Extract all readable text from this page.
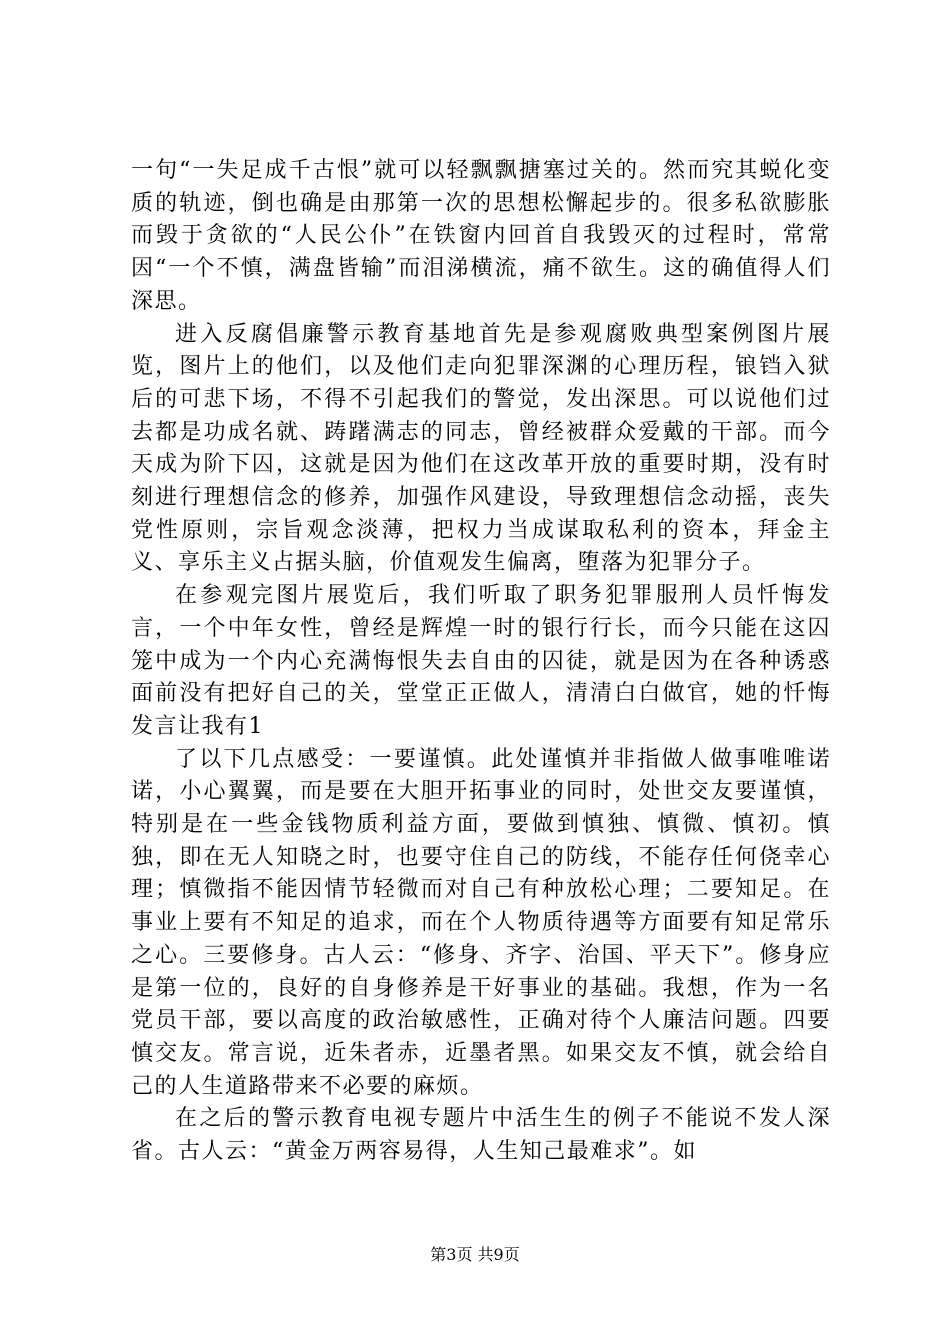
一句“一失足成千古恨”就可以轻飘飘搪塞过关的。然而究其蜕化变质的轨迹，倒也确是由那第一次的思想松懈起步的。很多私欲膨胀而毁于贪欲的“人民公仆”在铁窗内回首自我毁灭的过程时，常常因“一个不慎，满盘皆输”而泪涕横流，痛不欲生。这的确值得人们深思。

进入反腐倡廉警示教育基地首先是参观腐败典型案例图片展览，图片上的他们，以及他们走向犯罪深渊的心理历程，锒铛入狱后的可悲下场，不得不引起我们的警觉，发出深思。可以说他们过去都是功成名就、踌躇满志的同志，曾经被群众爱戴的干部。而今天成为阶下囚，这就是因为他们在这改革开放的重要时期，没有时刻进行理想信念的修养，加强作风建设，导致理想信念动摇，丧失党性原则，宗旨观念淡薄，把权力当成谋取私利的资本，拜金主义、享乐主义占据头脑，价值观发生偏离，堕落为犯罪分子。

在参观完图片展览后，我们听取了职务犯罪服刑人员忏悔发言，一个中年女性，曾经是辉煌一时的银行行长，而今只能在这囚笼中成为一个内心充满悔恨失去自由的囚徒，就是因为在各种诱惑面前没有把好自己的关，堂堂正正做人，清清白白做官，她的忏悔发言让我有1

了以下几点感受：一要谨慎。此处谨慎并非指做人做事唯唯诺诺，小心翼翼，而是要在大胆开拓事业的同时，处世交友要谨慎，特别是在一些金钱物质利益方面，要做到慎独、慎微、慎初。慎独，即在无人知晓之时，也要守住自己的防线，不能存任何侥幸心理；慎微指不能因情节轻微而对自己有种放松心理；二要知足。在事业上要有不知足的追求，而在个人物质待遇等方面要有知足常乐之心。三要修身。古人云：“修身、齐字、治国、平天下”。修身应是第一位的，良好的自身修养是干好事业的基础。我想，作为一名党员干部，要以高度的政治敏感性，正确对待个人廉洁问题。四要慎交友。常言说，近朱者赤，近墨者黑。如果交友不慎，就会给自己的人生道路带来不必要的麻烦。

在之后的警示教育电视专题片中活生生的例子不能说不发人深省。古人云：“黄金万两容易得，人生知己最难求”。如

第3页 共9页
